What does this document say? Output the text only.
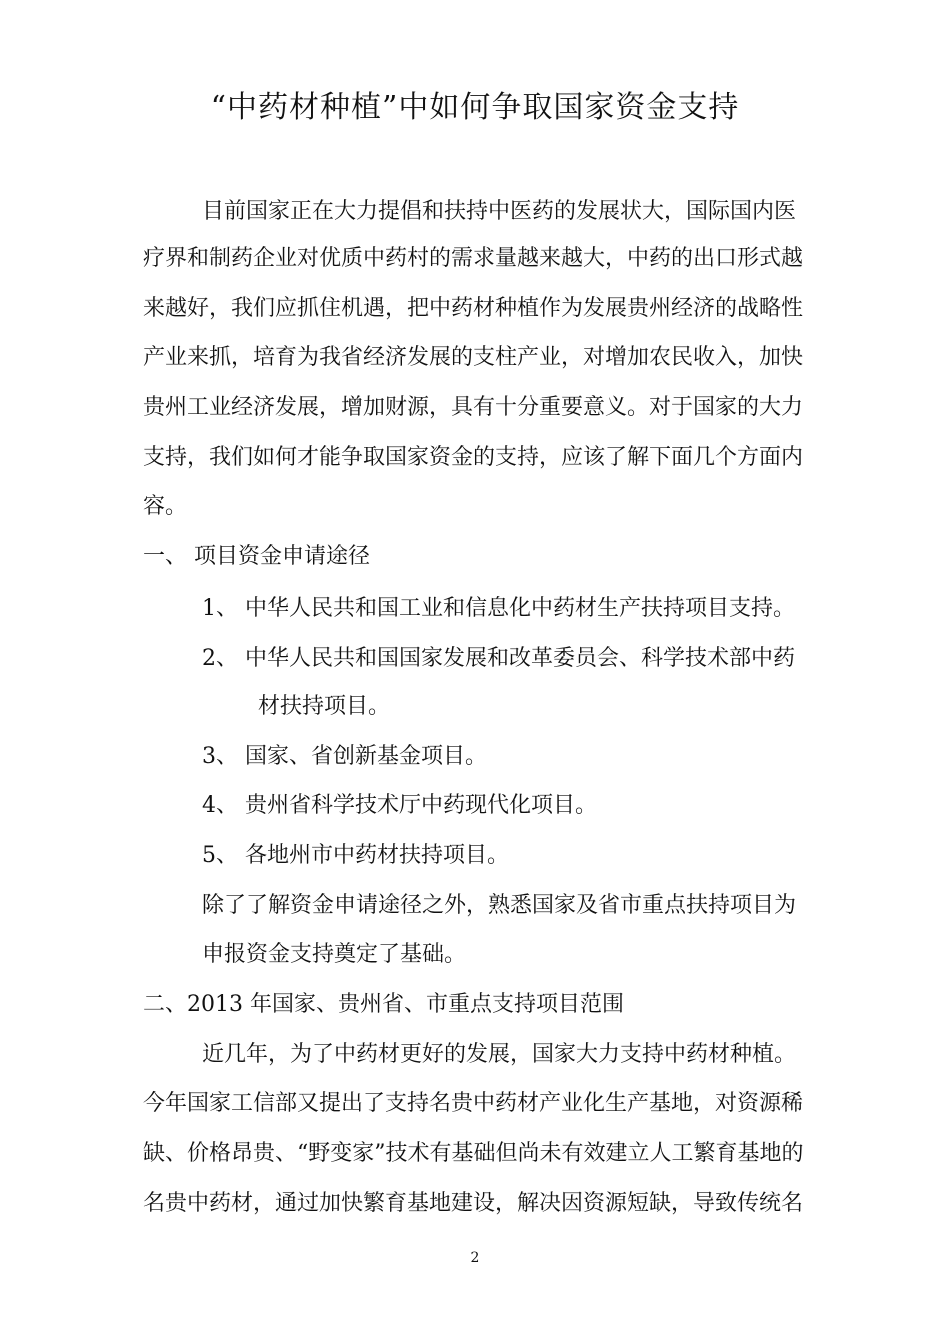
“中药材种植”中如何争取国家资金支持
目前国家正在大力提倡和扶持中医药的发展状大，国际国内医
疗界和制药企业对优质中药村的需求量越来越大，中药的出口形式越
来越好，我们应抓住机遇，把中药材种植作为发展贵州经济的战略性
产业来抓，培育为我省经济发展的支柱产业，对增加农民收入，加快
贵州工业经济发展，增加财源，具有十分重要意义。对于国家的大力
支持，我们如何才能争取国家资金的支持，应该了解下面几个方面内
容。
一、 项目资金申请途径
1、 中华人民共和国工业和信息化中药材生产扶持项目支持。
2、 中华人民共和国国家发展和改革委员会、科学技术部中药
材扶持项目。
3、 国家、省创新基金项目。
4、 贵州省科学技术厅中药现代化项目。
5、 各地州市中药材扶持项目。
除了了解资金申请途径之外，熟悉国家及省市重点扶持项目为
申报资金支持奠定了基础。
二、2013 年国家、贵州省、市重点支持项目范围
近几年，为了中药材更好的发展，国家大力支持中药材种植。
今年国家工信部又提出了支持名贵中药材产业化生产基地，对资源稀
缺、价格昂贵、“野变家”技术有基础但尚未有效建立人工繁育基地的
名贵中药材，通过加快繁育基地建设，解决因资源短缺，导致传统名
2
